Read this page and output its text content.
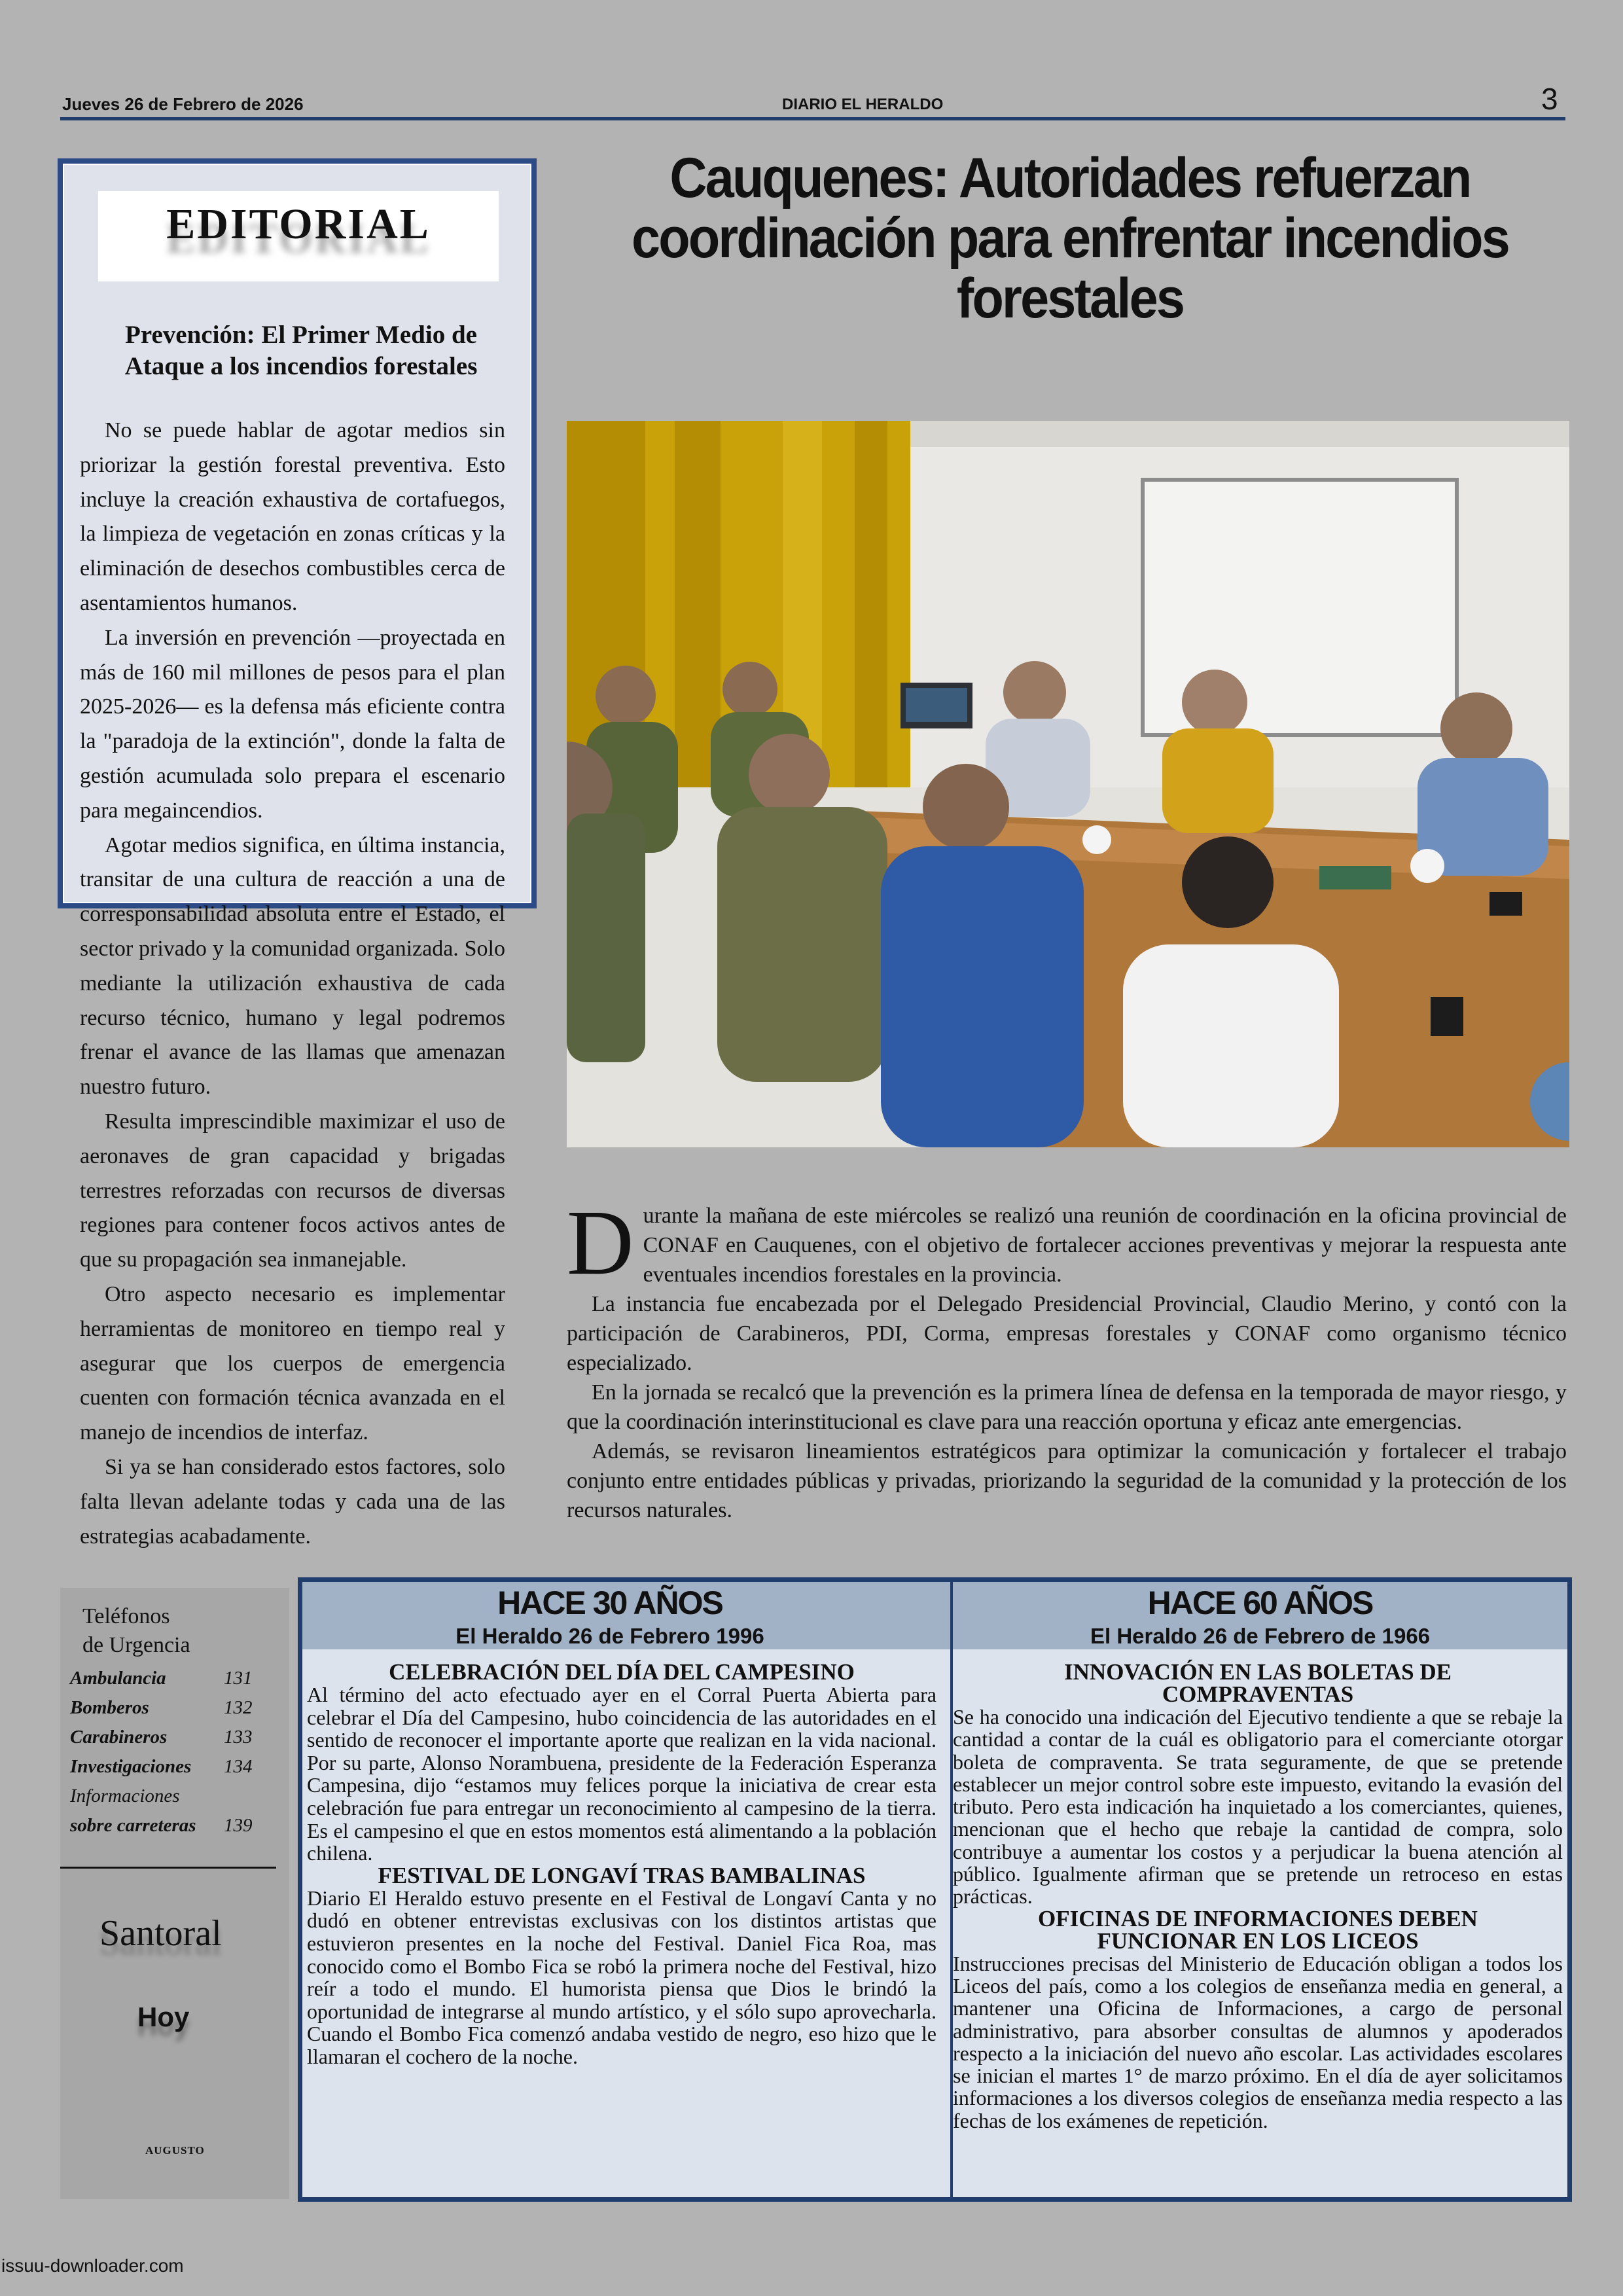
Jueves 26 de Febrero de 2026	DIARIO EL HERALDO	3
EDITORIAL
Prevención: El Primer Medio de Ataque a los incendios forestales

No se puede hablar de agotar medios sin priorizar la gestión forestal preventiva. Esto incluye la creación exhaustiva de cortafuegos, la limpieza de vegetación en zonas críticas y la eliminación de desechos combustibles cerca de asentamientos humanos.

La inversión en prevención —proyectada en más de 160 mil millones de pesos para el plan 2025-2026— es la defensa más eficiente contra la "paradoja de la extinción", donde la falta de gestión acumulada solo prepara el escenario para megaincendios.

Agotar medios significa, en última instancia, transitar de una cultura de reacción a una de corresponsabilidad absoluta entre el Estado, el sector privado y la comunidad organizada. Solo mediante la utilización exhaustiva de cada recurso técnico, humano y legal podremos frenar el avance de las llamas que amenazan nuestro futuro.

Resulta imprescindible maximizar el uso de aeronaves de gran capacidad y brigadas terrestres reforzadas con recursos de diversas regiones para contener focos activos antes de que su propagación sea inmanejable.

Otro aspecto necesario es implementar herramientas de monitoreo en tiempo real y asegurar que los cuerpos de emergencia cuenten con formación técnica avanzada en el manejo de incendios de interfaz.

Si ya se han considerado estos factores, solo falta llevan adelante todas y cada una de las estrategias acabadamente.

Cauquenes: Autoridades refuerzan coordinación para enfrentar incendios forestales

Durante la mañana de este miércoles se realizó una reunión de coordinación en la oficina provincial de CONAF en Cauquenes, con el objetivo de fortalecer acciones preventivas y mejorar la respuesta ante eventuales incendios forestales en la provincia.

La instancia fue encabezada por el Delegado Presidencial Provincial, Claudio Merino, y contó con la participación de Carabineros, PDI, Corma, empresas forestales y CONAF como organismo técnico especializado.

En la jornada se recalcó que la prevención es la primera línea de defensa en la temporada de mayor riesgo, y que la coordinación interinstitucional es clave para una reacción oportuna y eficaz ante emergencias.

Además, se revisaron lineamientos estratégicos para optimizar la comunicación y fortalecer el trabajo conjunto entre entidades públicas y privadas, priorizando la seguridad de la comunidad y la protección de los recursos naturales.

Teléfonos
de Urgencia
Ambulancia	131
Bomberos	132
Carabineros	133
Investigaciones 134
Informaciones
sobre carreteras 139
Santoral
Hoy
AUGUSTO
HACE 30 AÑOS
El Heraldo 26 de Febrero 1996
HACE 60 AÑOS
El Heraldo 26 de Febrero de 1966
CELEBRACIÓN DEL DÍA DEL CAMPESINO

Al término del acto efectuado ayer en el Corral Puerta Abierta para celebrar el Día del Campesino, hubo coincidencia de las autoridades en el sentido de reconocer el importante aporte que realizan en la vida nacional. Por su parte, Alonso Norambuena, presidente de la Federación Esperanza Campesina, dijo “estamos muy felices porque la iniciativa de crear esta celebración fue para entregar un reconocimiento al campesino de la tierra. Es el campesino el que en estos momentos está alimentando a la población chilena.

FESTIVAL DE LONGAVÍ TRAS BAMBALINAS

Diario El Heraldo estuvo presente en el Festival de Longaví Canta y no dudó en obtener entrevistas exclusivas con los distintos artistas que estuvieron presentes en la noche del Festival. Daniel Fica Roa, mas conocido como el Bombo Fica se robó la primera noche del Festival, hizo reír a todo el mundo. El humorista piensa que Dios le brindó la oportunidad de integrarse al mundo artístico, y el sólo supo aprovecharla. Cuando el Bombo Fica comenzó andaba vestido de negro, eso hizo que le llamaran el cochero de la noche.

INNOVACIÓN EN LAS BOLETAS DE COMPRAVENTAS

Se ha conocido una indicación del Ejecutivo tendiente a que se rebaje la cantidad a contar de la cuál es obligatorio para el comerciante otorgar boleta de compraventa. Se trata seguramente, de que se pretende establecer un mejor control sobre este impuesto, evitando la evasión del tributo. Pero esta indicación ha inquietado a los comerciantes, quienes, mencionan que el hecho que rebaje la cantidad de compra, solo contribuye a aumentar los costos y a perjudicar la buena atención al público. Igualmente afirman que se pretende un retroceso en estas prácticas.

OFICINAS DE INFORMACIONES DEBEN FUNCIONAR EN LOS LICEOS

Instrucciones precisas del Ministerio de Educación obligan a todos los Liceos del país, como a los colegios de enseñanza media en general, a mantener una Oficina de Informaciones, a cargo de personal administrativo, para absorber consultas de alumnos y apoderados respecto a la iniciación del nuevo año escolar. Las actividades escolares se inician el martes 1° de marzo próximo. En el día de ayer solicitamos informaciones a los diversos colegios de enseñanza media respecto a las fechas de los exámenes de repetición.

issuu-downloader.com
